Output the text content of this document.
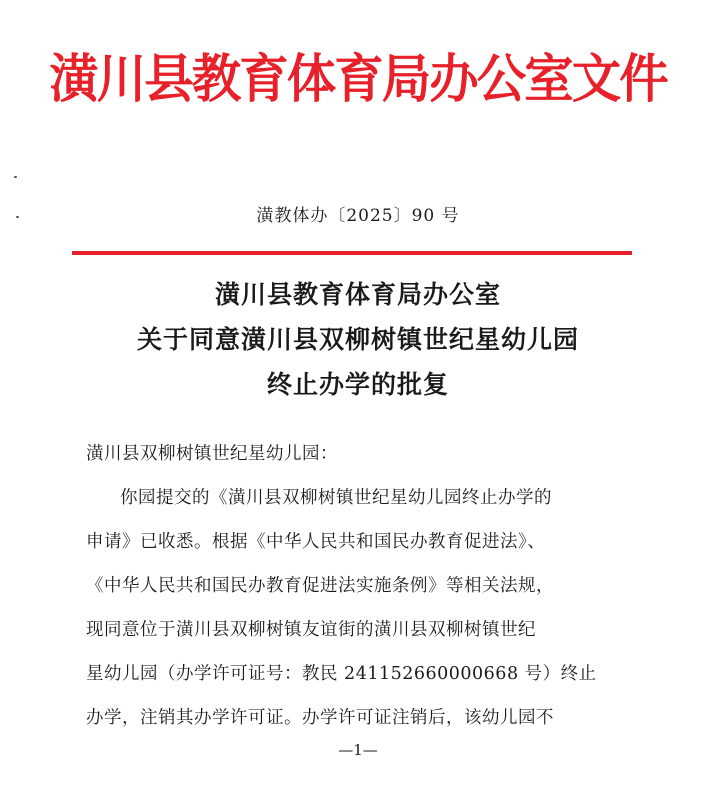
潢川县教育体育局办公室文件
潢教体办〔2025〕90 号
潢川县教育体育局办公室
关于同意潢川县双柳树镇世纪星幼儿园
终止办学的批复
潢川县双柳树镇世纪星幼儿园：
你园提交的《潢川县双柳树镇世纪星幼儿园终止办学的
申请》已收悉。根据《中华人民共和国民办教育促进法》、
《中华人民共和国民办教育促进法实施条例》等相关法规，
现同意位于潢川县双柳树镇友谊街的潢川县双柳树镇世纪
星幼儿园（办学许可证号：教民 241152660000668 号）终止
办学，注销其办学许可证。办学许可证注销后，该幼儿园不
—1—
